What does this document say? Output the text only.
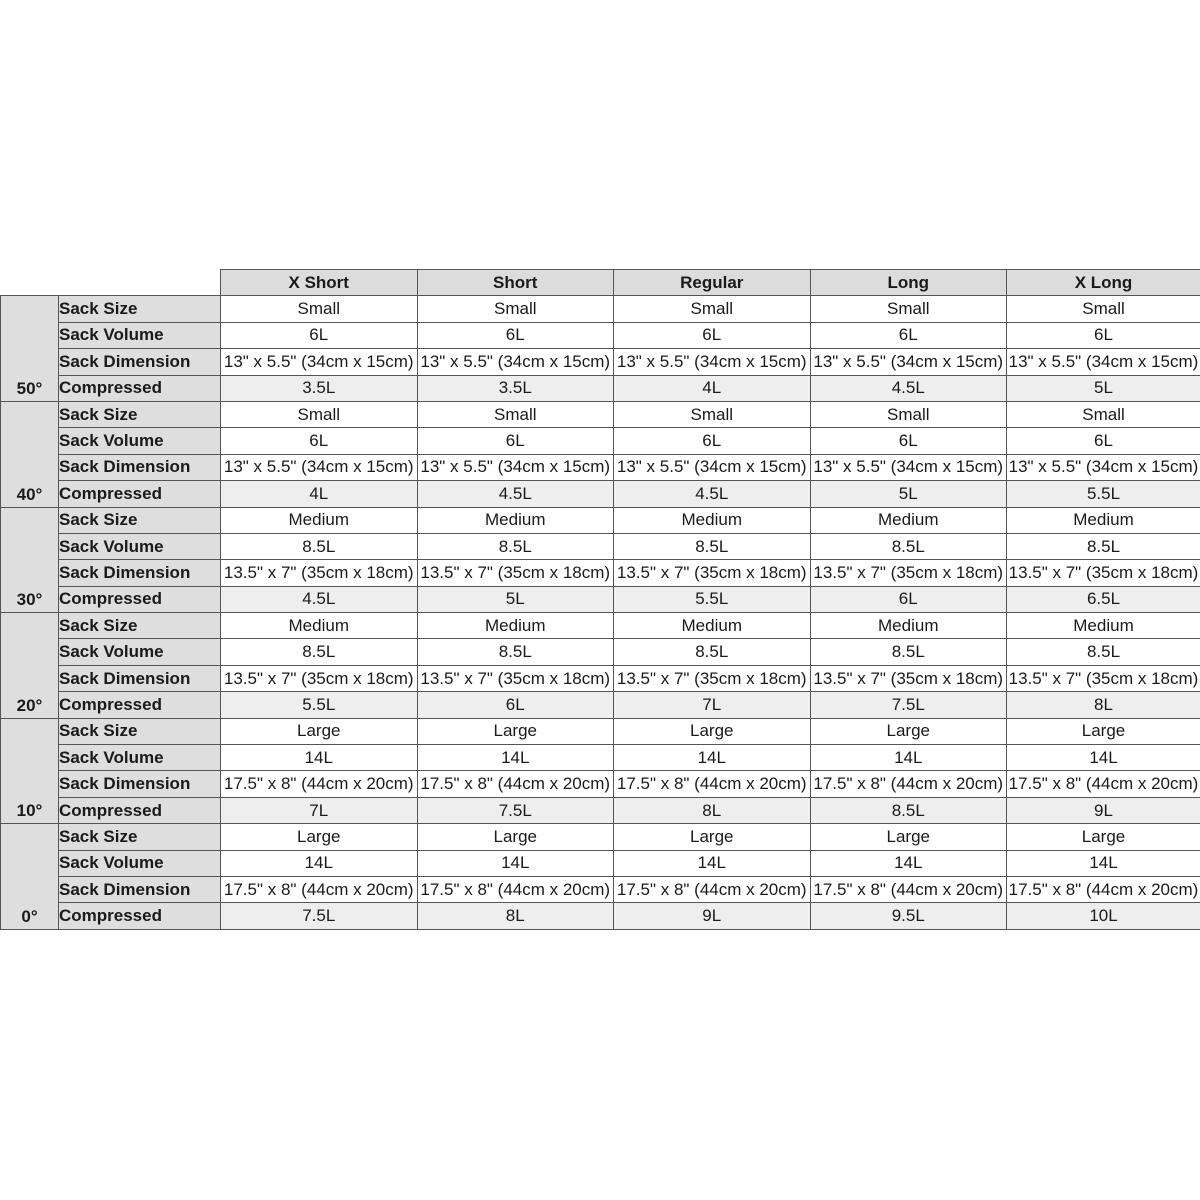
		X Short	Short	Regular	Long	X Long
50°	Sack Size	Small	Small	Small	Small	Small
	Sack Volume	6L	6L	6L	6L	6L
	Sack Dimension	13" x 5.5" (34cm x 15cm)	13" x 5.5" (34cm x 15cm)	13" x 5.5" (34cm x 15cm)	13" x 5.5" (34cm x 15cm)	13" x 5.5" (34cm x 15cm)
	Compressed	3.5L	3.5L	4L	4.5L	5L
40°	Sack Size	Small	Small	Small	Small	Small
	Sack Volume	6L	6L	6L	6L	6L
	Sack Dimension	13" x 5.5" (34cm x 15cm)	13" x 5.5" (34cm x 15cm)	13" x 5.5" (34cm x 15cm)	13" x 5.5" (34cm x 15cm)	13" x 5.5" (34cm x 15cm)
	Compressed	4L	4.5L	4.5L	5L	5.5L
30°	Sack Size	Medium	Medium	Medium	Medium	Medium
	Sack Volume	8.5L	8.5L	8.5L	8.5L	8.5L
	Sack Dimension	13.5" x 7" (35cm x 18cm)	13.5" x 7" (35cm x 18cm)	13.5" x 7" (35cm x 18cm)	13.5" x 7" (35cm x 18cm)	13.5" x 7" (35cm x 18cm)
	Compressed	4.5L	5L	5.5L	6L	6.5L
20°	Sack Size	Medium	Medium	Medium	Medium	Medium
	Sack Volume	8.5L	8.5L	8.5L	8.5L	8.5L
	Sack Dimension	13.5" x 7" (35cm x 18cm)	13.5" x 7" (35cm x 18cm)	13.5" x 7" (35cm x 18cm)	13.5" x 7" (35cm x 18cm)	13.5" x 7" (35cm x 18cm)
	Compressed	5.5L	6L	7L	7.5L	8L
10°	Sack Size	Large	Large	Large	Large	Large
	Sack Volume	14L	14L	14L	14L	14L
	Sack Dimension	17.5" x 8" (44cm x 20cm)	17.5" x 8" (44cm x 20cm)	17.5" x 8" (44cm x 20cm)	17.5" x 8" (44cm x 20cm)	17.5" x 8" (44cm x 20cm)
	Compressed	7L	7.5L	8L	8.5L	9L
0°	Sack Size	Large	Large	Large	Large	Large
	Sack Volume	14L	14L	14L	14L	14L
	Sack Dimension	17.5" x 8" (44cm x 20cm)	17.5" x 8" (44cm x 20cm)	17.5" x 8" (44cm x 20cm)	17.5" x 8" (44cm x 20cm)	17.5" x 8" (44cm x 20cm)
	Compressed	7.5L	8L	9L	9.5L	10L
